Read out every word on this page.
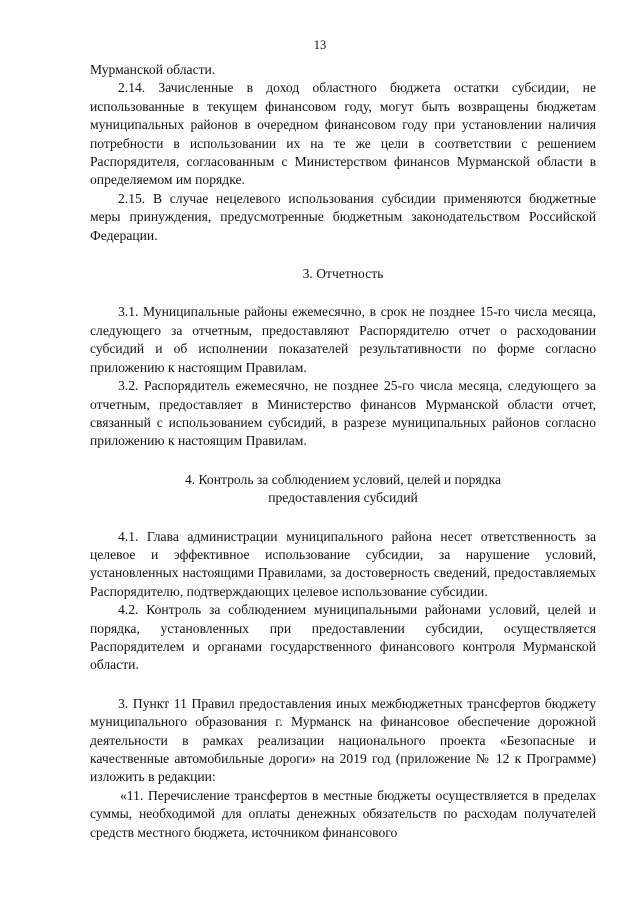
13

Мурманской области.

2.14. Зачисленные в доход областного бюджета остатки субсидии, не использованные в текущем финансовом году, могут быть возвращены бюджетам муниципальных районов в очередном финансовом году при установлении наличия потребности в использовании их на те же цели в соответствии с решением Распорядителя, согласованным с Министерством финансов Мурманской области в определяемом им порядке.

2.15. В случае нецелевого использования субсидии применяются бюджетные меры принуждения, предусмотренные бюджетным законодательством Российской Федерации.

3. Отчетность

3.1. Муниципальные районы ежемесячно, в срок не позднее 15-го числа месяца, следующего за отчетным, предоставляют Распорядителю отчет о расходовании субсидий и об исполнении показателей результативности по форме согласно приложению к настоящим Правилам.

3.2. Распорядитель ежемесячно, не позднее 25-го числа месяца, следующего за отчетным, предоставляет в Министерство финансов Мурманской области отчет, связанный с использованием субсидий, в разрезе муниципальных районов согласно приложению к настоящим Правилам.

4. Контроль за соблюдением условий, целей и порядка

предоставления субсидий

4.1. Глава администрации муниципального района несет ответственность за целевое и эффективное использование субсидии, за нарушение условий, установленных настоящими Правилами, за достоверность сведений, предоставляемых Распорядителю, подтверждающих целевое использование субсидии.

4.2. Контроль за соблюдением муниципальными районами условий, целей и порядка, установленных при предоставлении субсидии, осуществляется Распорядителем и органами государственного финансового контроля Мурманской области.

3. Пункт 11 Правил предоставления иных межбюджетных трансфертов бюджету муниципального образования г. Мурманск на финансовое обеспечение дорожной деятельности в рамках реализации национального проекта «Безопасные и качественные автомобильные дороги» на 2019 год (приложение № 12 к Программе) изложить в редакции:

«11. Перечисление трансфертов в местные бюджеты осуществляется в пределах суммы, необходимой для оплаты денежных обязательств по расходам получателей средств местного бюджета, источником финансового
